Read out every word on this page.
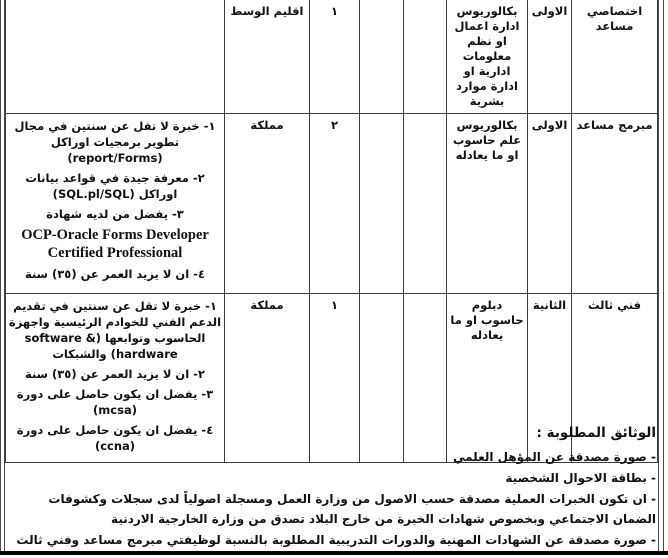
اختصاصي مساعد	الاولى	بكالوريوس ادارة اعمال او نظم معلومات ادارية او ادارة موارد بشرية			١	اقليم الوسط	
مبرمج مساعد	الاولى	بكالوريوس علم حاسوب او ما يعادله			٢	مملكة	١- خبرة لا تقل عن سنتين في مجال تطوير برمجيات اوراكل (report/Forms)
٢- معرفة جيدة في قواعد بيانات اوراكل (SQL.pl/SQL)
٣- يفضل من لديه شهادة
OCP-Oracle Forms Developer Certified Professional
٤- ان لا يزيد العمر عن (٣٥) سنة

فني ثالث	الثانية	دبلوم حاسوب او ما يعادله			١	مملكة	١- خبرة لا تقل عن سنتين في تقديم الدعم الفني للخوادم الرئيسية واجهزة الحاسوب وتوابعها (software & hardware) والشبكات
٢- ان لا يزيد العمر عن (٣٥) سنة
٣- يفضل ان يكون حاصل على دورة (mcsa)
٤- يفضل ان يكون حاصل على دورة (ccna)
الوثائق المطلوبة :
- صورة مصدقة عن المؤهل العلمي
- بطاقة الاحوال الشخصية
- ان تكون الخبرات العملية مصدقة حسب الاصول من وزارة العمل ومسجلة اصولياً لدى سجلات وكشوفات الضمان الاجتماعي وبخصوص شهادات الخبرة من خارج البلاد تصدق من وزارة الخارجية الاردنية
- صورة مصدقة عن الشهادات المهنية والدورات التدريبية المطلوبة بالنسبة لوظيفتي مبرمج مساعد وفني ثالث
